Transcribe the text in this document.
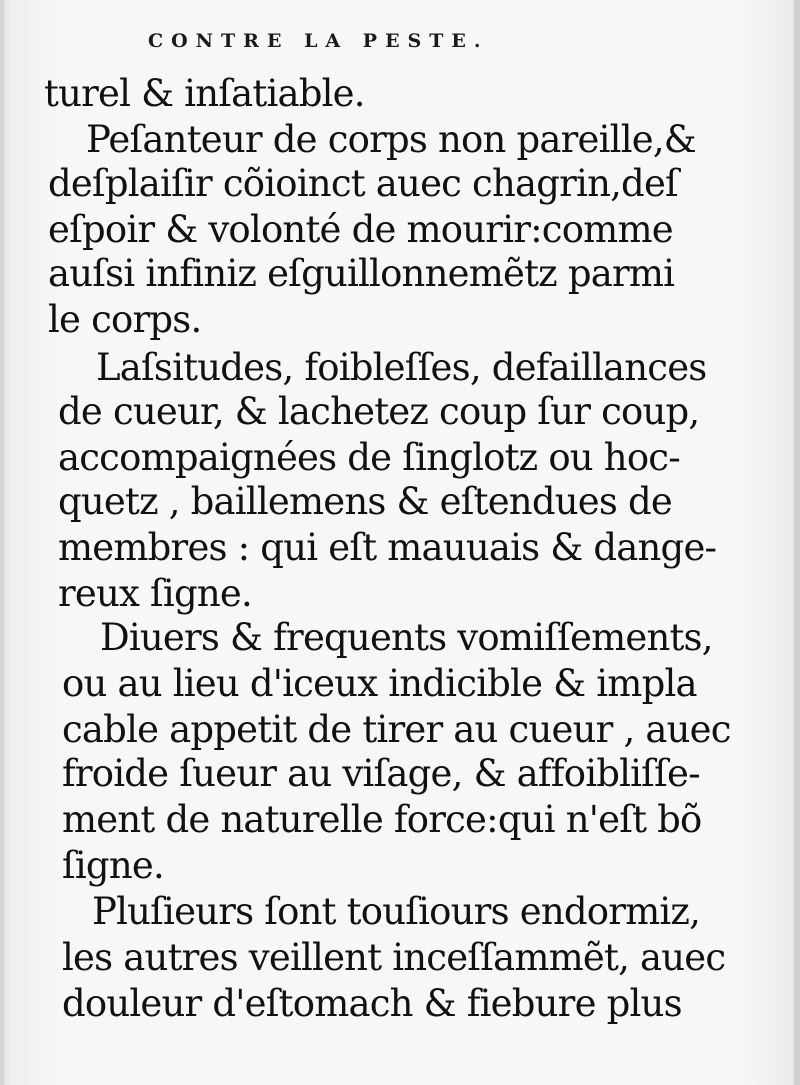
CONTRE LA PESTE.
turel & inſatiable.
Peſanteur de corps non pareille,&
deſplaiſir cõioinct auec chagrin,deſ
eſpoir & volonté de mourir:comme
auſsi infiniz eſguillonnemẽtz parmi
le corps.
Laſsitudes, foibleſſes, defaillances
de cueur, & lachetez coup ſur coup,
accompaignées de ſinglotz ou hoc-
quetz , baillemens & eſtendues de
membres : qui eſt mauuais & dange-
reux ſigne.
Diuers & frequents vomiſſements,
ou au lieu d'iceux indicible & impla
cable appetit de tirer au cueur , auec
froide ſueur au viſage, & affoibliſſe-
ment de naturelle force:qui n'eſt bõ
ſigne.
Pluſieurs ſont touſiours endormiz,
les autres veillent inceſſammẽt, auec
douleur d'eſtomach & fiebure plus
